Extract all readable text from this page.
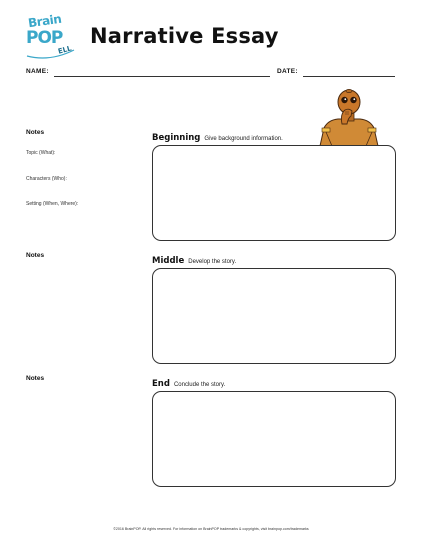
Brain
POP
ELL
Narrative Essay
NAME:	DATE:
Notes
Topic (What):
Characters (Who):
Setting (When, Where):
Beginning Give background information.
Notes
Middle Develop the story.
Notes
End Conclude the story.
©2016 BrainPOP. All rights reserved. For information on BrainPOP trademarks & copyrights, visit brainpop.com/trademarks
